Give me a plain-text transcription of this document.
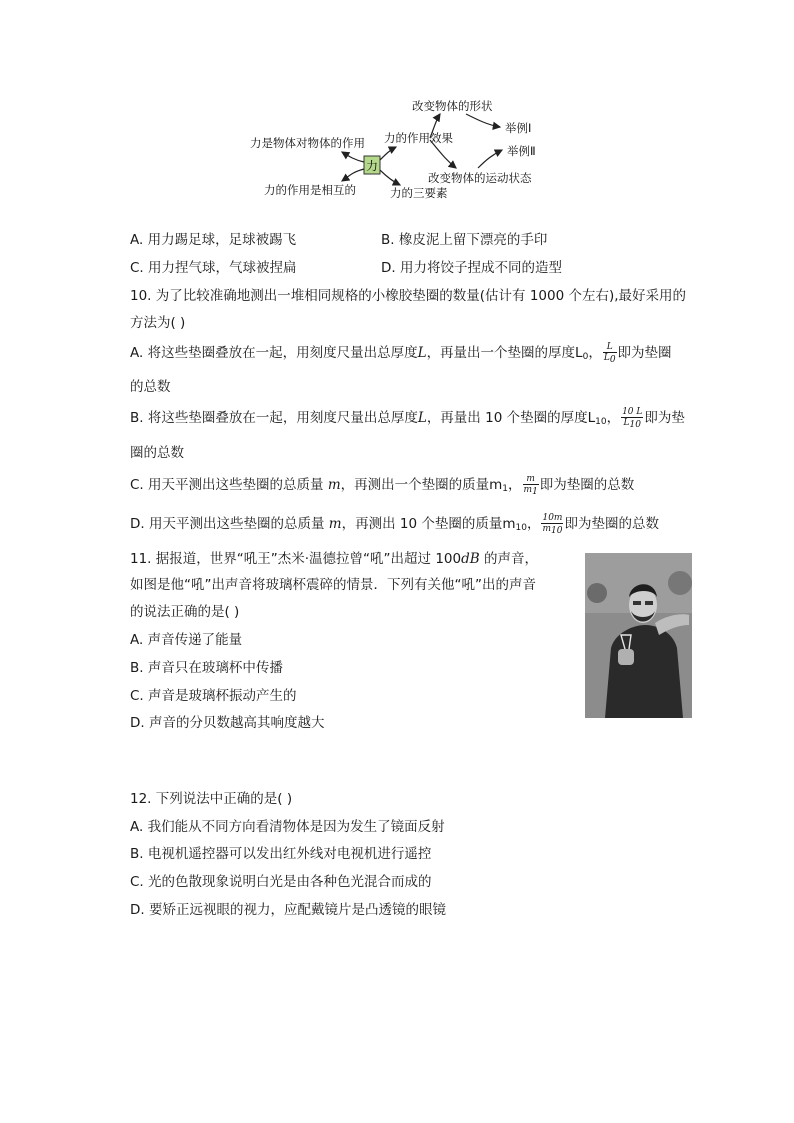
力
力是物体对物体的作用
力的作用是相互的
力的作用效果
力的三要素
改变物体的形状
改变物体的运动状态
举例Ⅰ
举例Ⅱ
A. 用力踢足球，足球被踢飞	B. 橡皮泥上留下漂亮的手印
C. 用力捏气球，气球被捏扁	D. 用力将饺子捏成不同的造型
10. 为了比较准确地测出一堆相同规格的小橡胶垫圈的数量(估计有 1000 个左右),最好采用的
方法为( )
A. 将这些垫圈叠放在一起，用刻度尺量出总厚度L，再量出一个垫圈的厚度$L_0$， $\frac{L}{L0}$ 即为垫圈
的总数
B. 将这些垫圈叠放在一起，用刻度尺量出总厚度L，再量出 10 个垫圈的厚度$L_{10}$， $\frac{10 L}{L10}$ 即为垫
圈的总数
C. 用天平测出这些垫圈的总质量 m，再测出一个垫圈的质量$m_1$， $\frac{m}{m1}$ 即为垫圈的总数
D. 用天平测出这些垫圈的总质量 m，再测出 10 个垫圈的质量$m_{10}$， $\frac{10m}{m10}$ 即为垫圈的总数
11. 据报道，世界“吼王”杰米·温德拉曾“吼”出超过 100dB 的声音，
如图是他“吼”出声音将玻璃杯震碎的情景．下列有关他“吼”出的声音
的说法正确的是( )
A. 声音传递了能量
B. 声音只在玻璃杯中传播
C. 声音是玻璃杯振动产生的
D. 声音的分贝数越高其响度越大
12. 下列说法中正确的是( )
A. 我们能从不同方向看清物体是因为发生了镜面反射
B. 电视机遥控器可以发出红外线对电视机进行遥控
C. 光的色散现象说明白光是由各种色光混合而成的
D. 要矫正远视眼的视力，应配戴镜片是凸透镜的眼镜
